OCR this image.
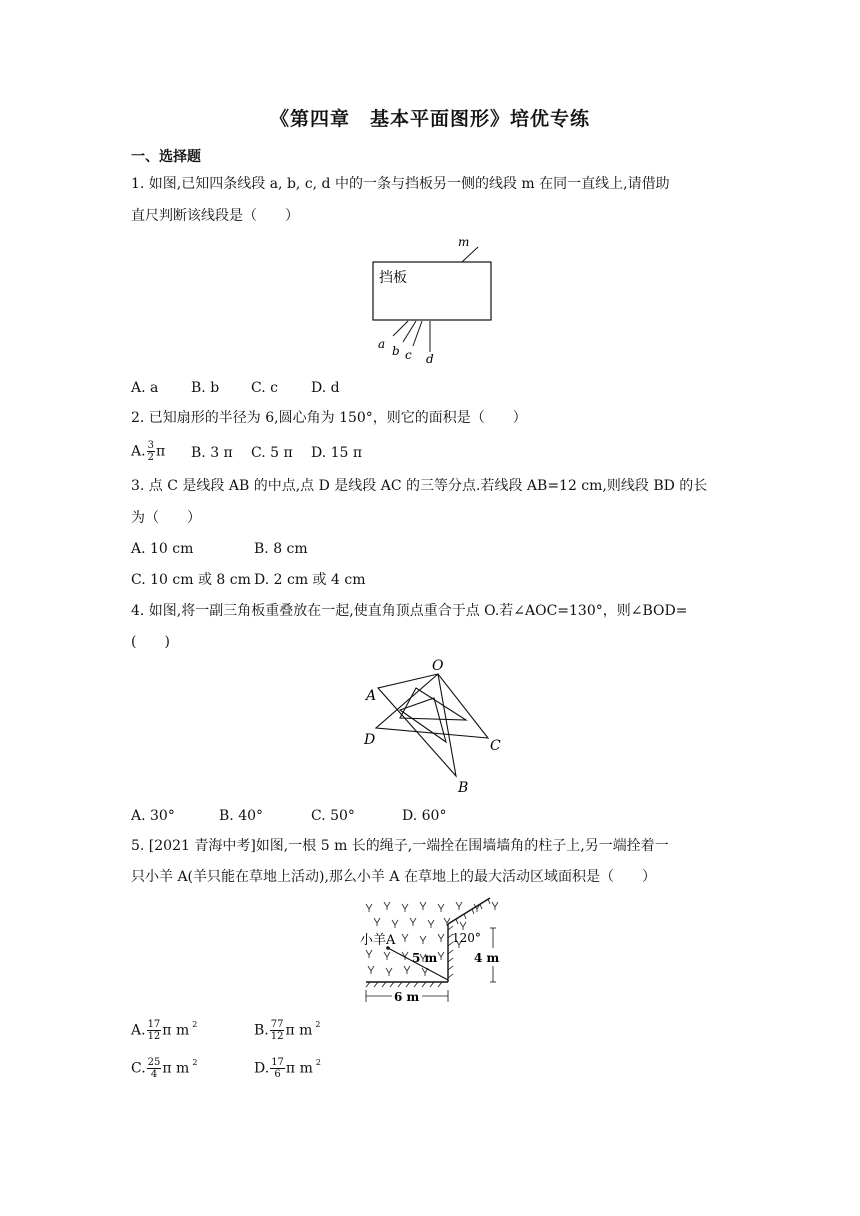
《第四章　基本平面图形》培优专练
一、选择题
1. 如图,已知四条线段 a, b, c, d 中的一条与挡板另一侧的线段 m 在同一直线上,请借助
直尺判断该线段是（　　）
m
挡板
a b c d
A. a B. b C. c D. d
2. 已知扇形的半径为 6,圆心角为 150°，则它的面积是（　　）
A. $\frac{3}{2}$ π B. 3 π C. 5 π D. 15 π
3. 点 C 是线段 AB 的中点,点 D 是线段 AC 的三等分点.若线段 AB=12 cm,则线段 BD 的长
为（　　）
A. 10 cm	B. 8 cm
C. 10 cm 或 8 cm D. 2 cm 或 4 cm
4. 如图,将一副三角板重叠放在一起,使直角顶点重合于点 O.若∠AOC=130°，则∠BOD=
(　　)
O
A
D	C
B
A. 30°	B. 40°	C. 50°	D. 60°
5. [2021 青海中考]如图,一根 5 m 长的绳子,一端拴在围墙墙角的柱子上,另一端拴着一
只小羊 A(羊只能在草地上活动),那么小羊 A 在草地上的最大活动区域面积是（　　）
小羊A
5 m
120°
4 m
6 m
A. $\frac{17}{12}$ π m $^2$	B. $\frac{77}{12}$ π m $^2$
C. $\frac{25}{4}$ π m $^2$	D. $\frac{17}{6}$ π m $^2$
